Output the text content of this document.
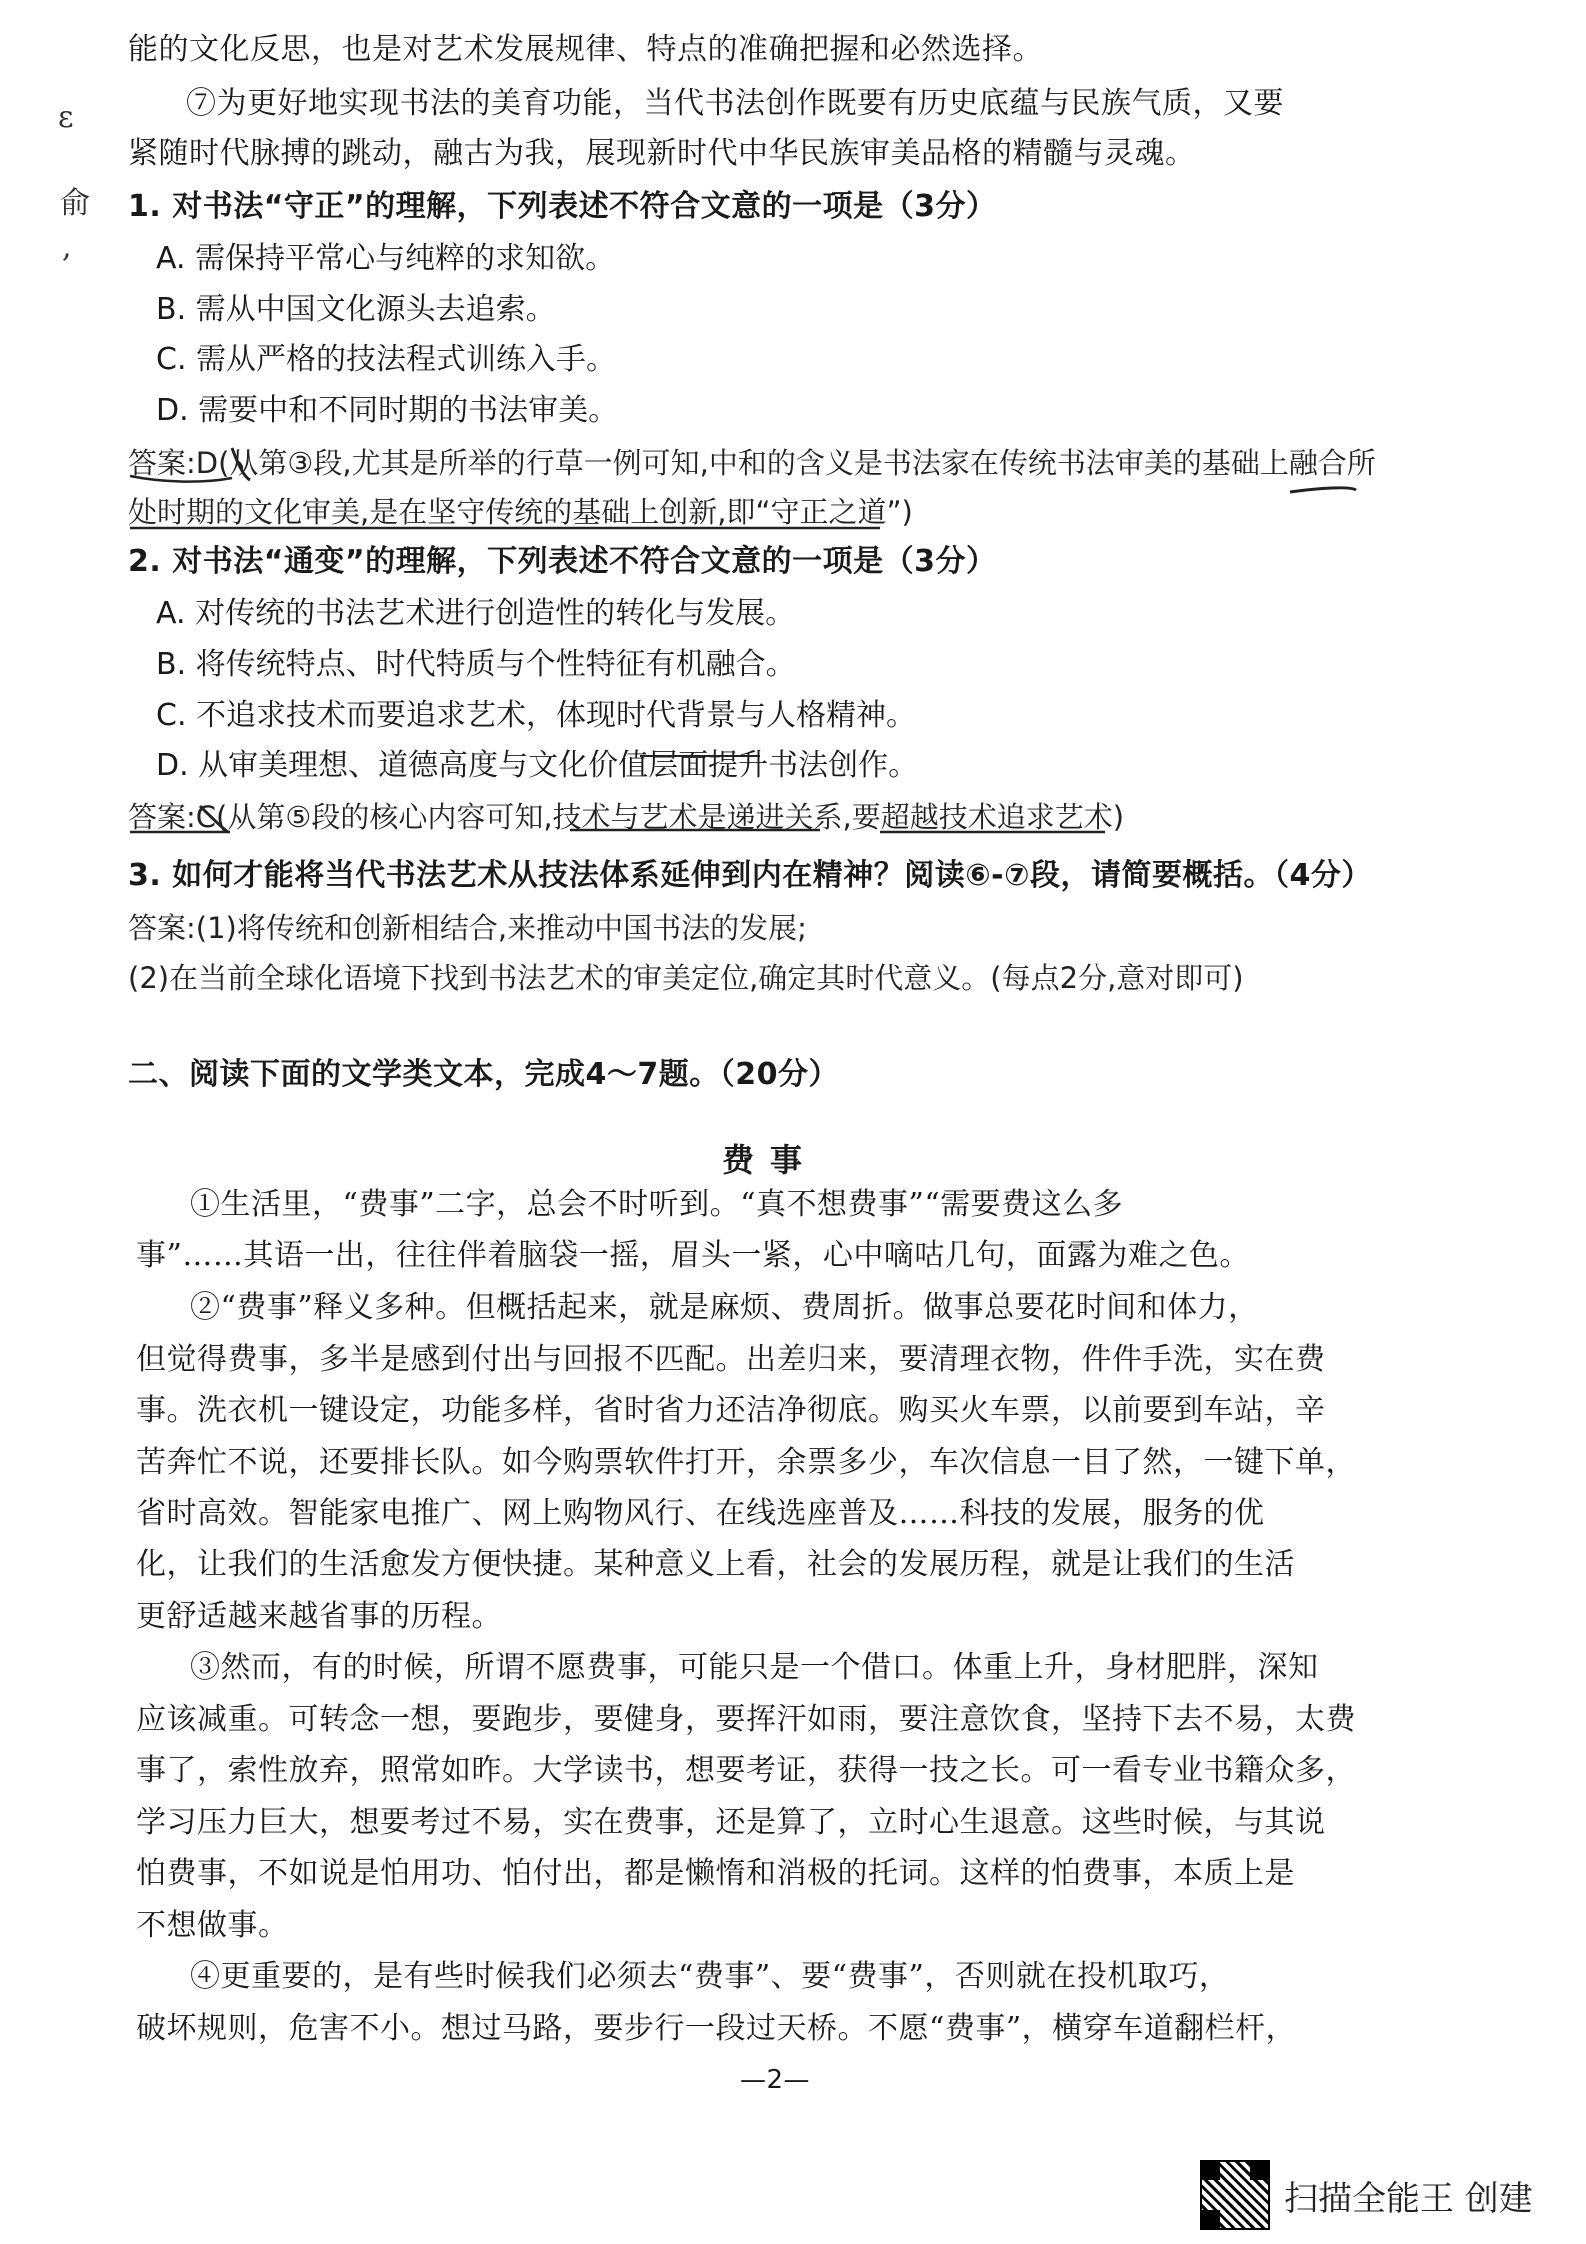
ɛ
俞
,
能的文化反思，也是对艺术发展规律、特点的准确把握和必然选择。
⑦为更好地实现书法的美育功能，当代书法创作既要有历史底蕴与民族气质，又要
紧随时代脉搏的跳动，融古为我，展现新时代中华民族审美品格的精髓与灵魂。
1. 对书法“守正”的理解，下列表述不符合文意的一项是（3分）
A. 需保持平常心与纯粹的求知欲。
B. 需从中国文化源头去追索。
C. 需从严格的技法程式训练入手。
D. 需要中和不同时期的书法审美。
答案:D(从第③段,尤其是所举的行草一例可知,中和的含义是书法家在传统书法审美的基础上融合所
处时期的文化审美,是在坚守传统的基础上创新,即“守正之道”)
2. 对书法“通变”的理解，下列表述不符合文意的一项是（3分）
A. 对传统的书法艺术进行创造性的转化与发展。
B. 将传统特点、时代特质与个性特征有机融合。
C. 不追求技术而要追求艺术，体现时代背景与人格精神。
D. 从审美理想、道德高度与文化价值层面提升书法创作。
答案:C(从第⑤段的核心内容可知,技术与艺术是递进关系,要超越技术追求艺术)
3. 如何才能将当代书法艺术从技法体系延伸到内在精神？阅读⑥-⑦段，请简要概括。（4分）
答案:(1)将传统和创新相结合,来推动中国书法的发展;
(2)在当前全球化语境下找到书法艺术的审美定位,确定其时代意义。(每点2分,意对即可)
二、阅读下面的文学类文本，完成4～7题。（20分）
费事
①生活里，“费事”二字，总会不时听到。“真不想费事”“需要费这么多
事”……其语一出，往往伴着脑袋一摇，眉头一紧，心中嘀咕几句，面露为难之色。
②“费事”释义多种。但概括起来，就是麻烦、费周折。做事总要花时间和体力，
但觉得费事，多半是感到付出与回报不匹配。出差归来，要清理衣物，件件手洗，实在费
事。洗衣机一键设定，功能多样，省时省力还洁净彻底。购买火车票，以前要到车站，辛
苦奔忙不说，还要排长队。如今购票软件打开，余票多少，车次信息一目了然，一键下单，
省时高效。智能家电推广、网上购物风行、在线选座普及……科技的发展，服务的优
化，让我们的生活愈发方便快捷。某种意义上看，社会的发展历程，就是让我们的生活
更舒适越来越省事的历程。
③然而，有的时候，所谓不愿费事，可能只是一个借口。体重上升，身材肥胖，深知
应该减重。可转念一想，要跑步，要健身，要挥汗如雨，要注意饮食，坚持下去不易，太费
事了，索性放弃，照常如昨。大学读书，想要考证，获得一技之长。可一看专业书籍众多，
学习压力巨大，想要考过不易，实在费事，还是算了，立时心生退意。这些时候，与其说
怕费事，不如说是怕用功、怕付出，都是懒惰和消极的托词。这样的怕费事，本质上是
不想做事。
④更重要的，是有些时候我们必须去“费事”、要“费事”，否则就在投机取巧，
破坏规则，危害不小。想过马路，要步行一段过天桥。不愿“费事”，横穿车道翻栏杆，
—2—
扫描全能王 创建
